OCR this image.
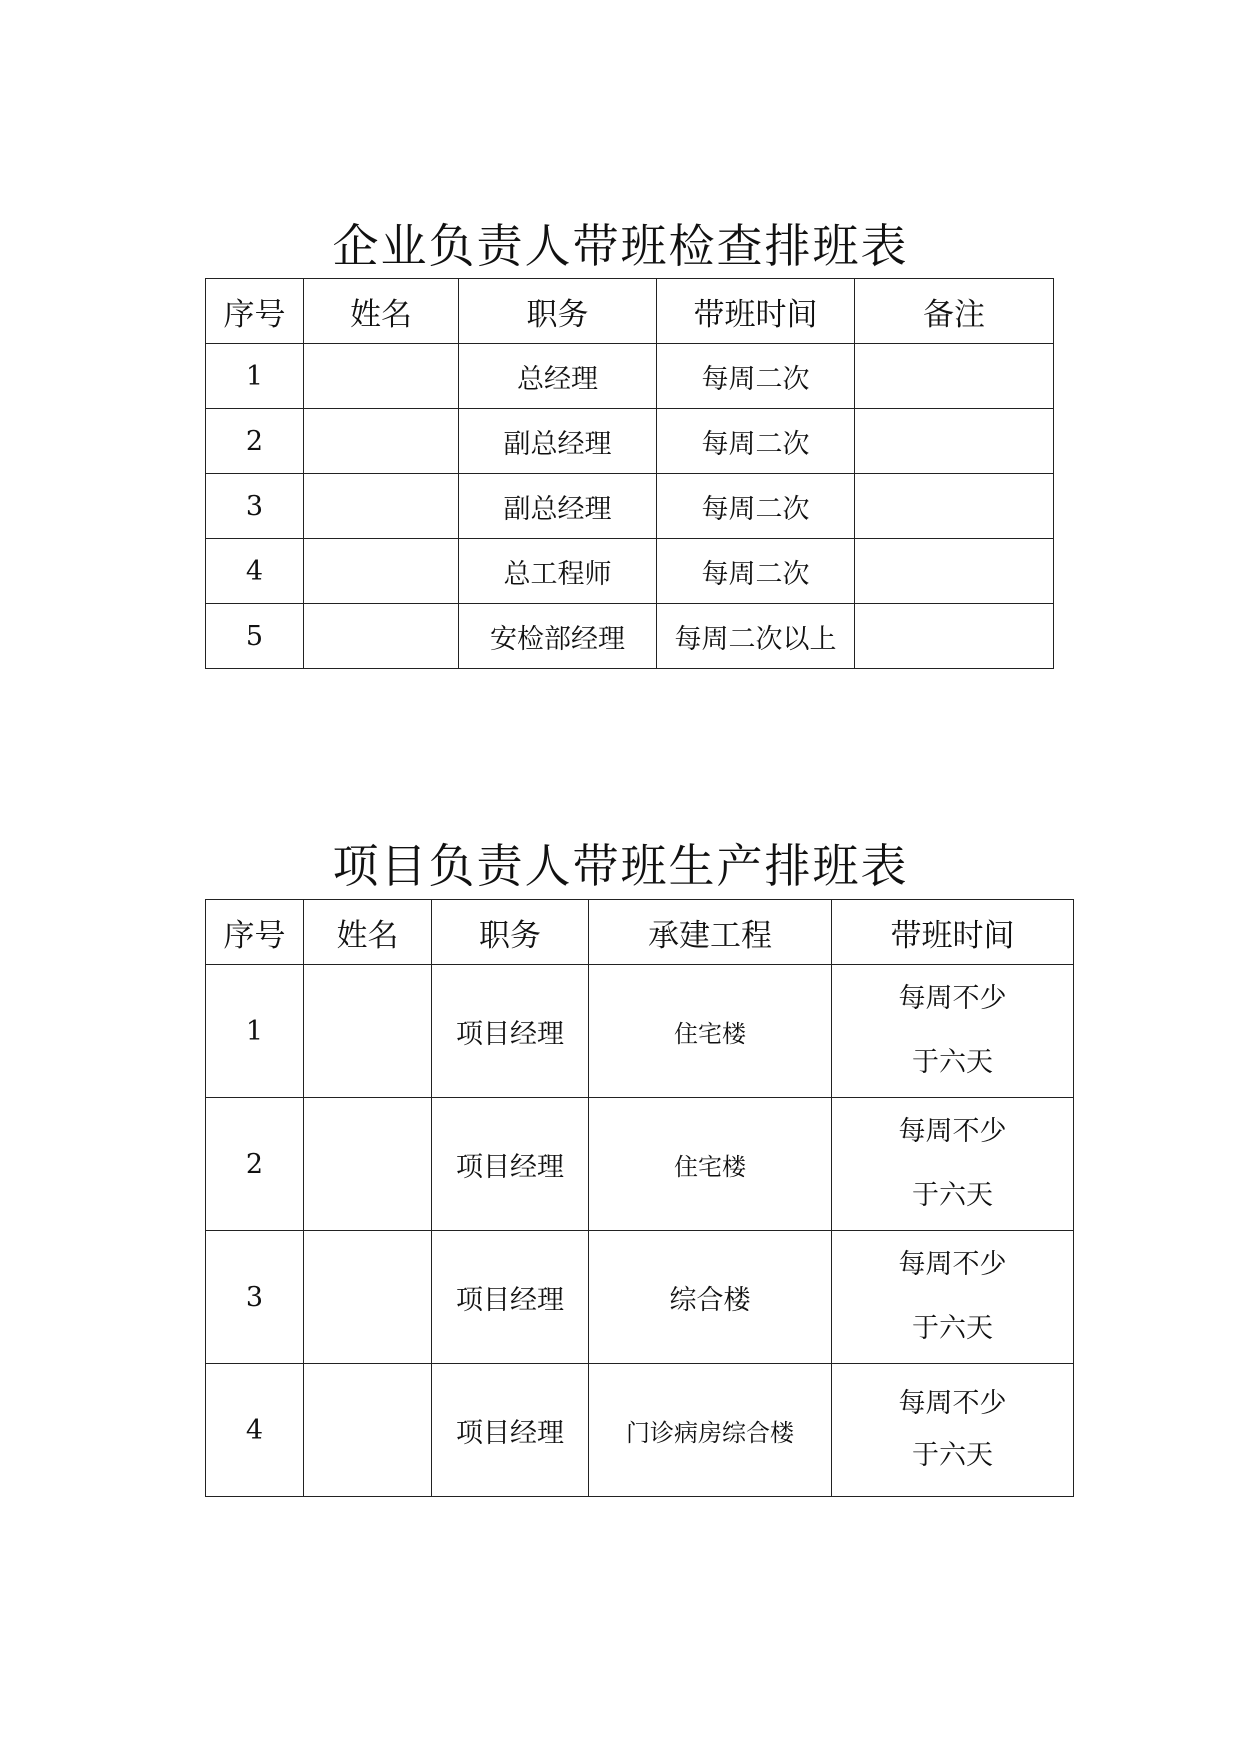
企业负责人带班检查排班表
序号	姓名	职务	带班时间	备注
1		总经理	每周二次	
2		副总经理	每周二次	
3		副总经理	每周二次	
4		总工程师	每周二次	
5		安检部经理	每周二次以上	
项目负责人带班生产排班表
序号	姓名	职务	承建工程	带班时间
1		项目经理	住宅楼	每周不少
于六天

2		项目经理	住宅楼	每周不少
于六天

3		项目经理	综合楼	每周不少
于六天

4		项目经理	门诊病房综合楼	每周不少
于六天
